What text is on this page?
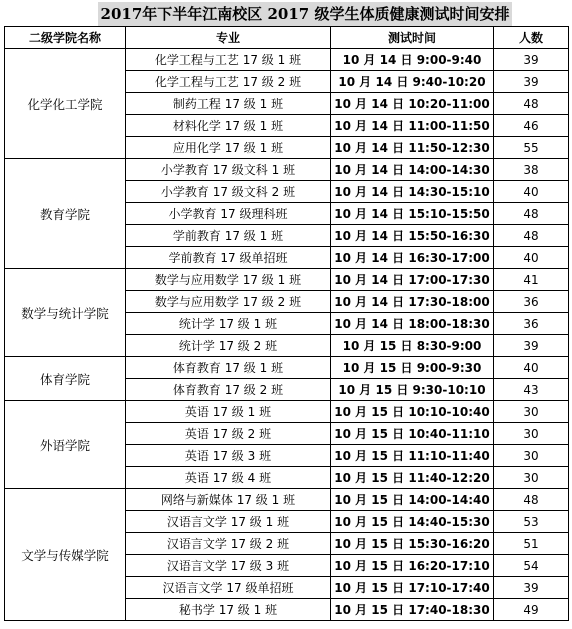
2017年下半年江南校区 2017 级学生体质健康测试时间安排
二级学院名称	专业	测试时间	人数
化学化工学院	化学工程与工艺 17 级 1 班	10 月 14 日 9:00-9:40	39
	化学工程与工艺 17 级 2 班	10 月 14 日 9:40-10:20	39
	制药工程 17 级 1 班	10 月 14 日 10:20-11:00	48
	材料化学 17 级 1 班	10 月 14 日 11:00-11:50	46
	应用化学 17 级 1 班	10 月 14 日 11:50-12:30	55
教育学院	小学教育 17 级文科 1 班	10 月 14 日 14:00-14:30	38
	小学教育 17 级文科 2 班	10 月 14 日 14:30-15:10	40
	小学教育 17 级理科班	10 月 14 日 15:10-15:50	48
	学前教育 17 级 1 班	10 月 14 日 15:50-16:30	48
	学前教育 17 级单招班	10 月 14 日 16:30-17:00	40
数学与统计学院	数学与应用数学 17 级 1 班	10 月 14 日 17:00-17:30	41
	数学与应用数学 17 级 2 班	10 月 14 日 17:30-18:00	36
	统计学 17 级 1 班	10 月 14 日 18:00-18:30	36
	统计学 17 级 2 班	10 月 15 日 8:30-9:00	39
体育学院	体育教育 17 级 1 班	10 月 15 日 9:00-9:30	40
	体育教育 17 级 2 班	10 月 15 日 9:30-10:10	43
外语学院	英语 17 级 1 班	10 月 15 日 10:10-10:40	30
	英语 17 级 2 班	10 月 15 日 10:40-11:10	30
	英语 17 级 3 班	10 月 15 日 11:10-11:40	30
	英语 17 级 4 班	10 月 15 日 11:40-12:20	30
文学与传媒学院	网络与新媒体 17 级 1 班	10 月 15 日 14:00-14:40	48
	汉语言文学 17 级 1 班	10 月 15 日 14:40-15:30	53
	汉语言文学 17 级 2 班	10 月 15 日 15:30-16:20	51
	汉语言文学 17 级 3 班	10 月 15 日 16:20-17:10	54
	汉语言文学 17 级单招班	10 月 15 日 17:10-17:40	39
	秘书学 17 级 1 班	10 月 15 日 17:40-18:30	49
